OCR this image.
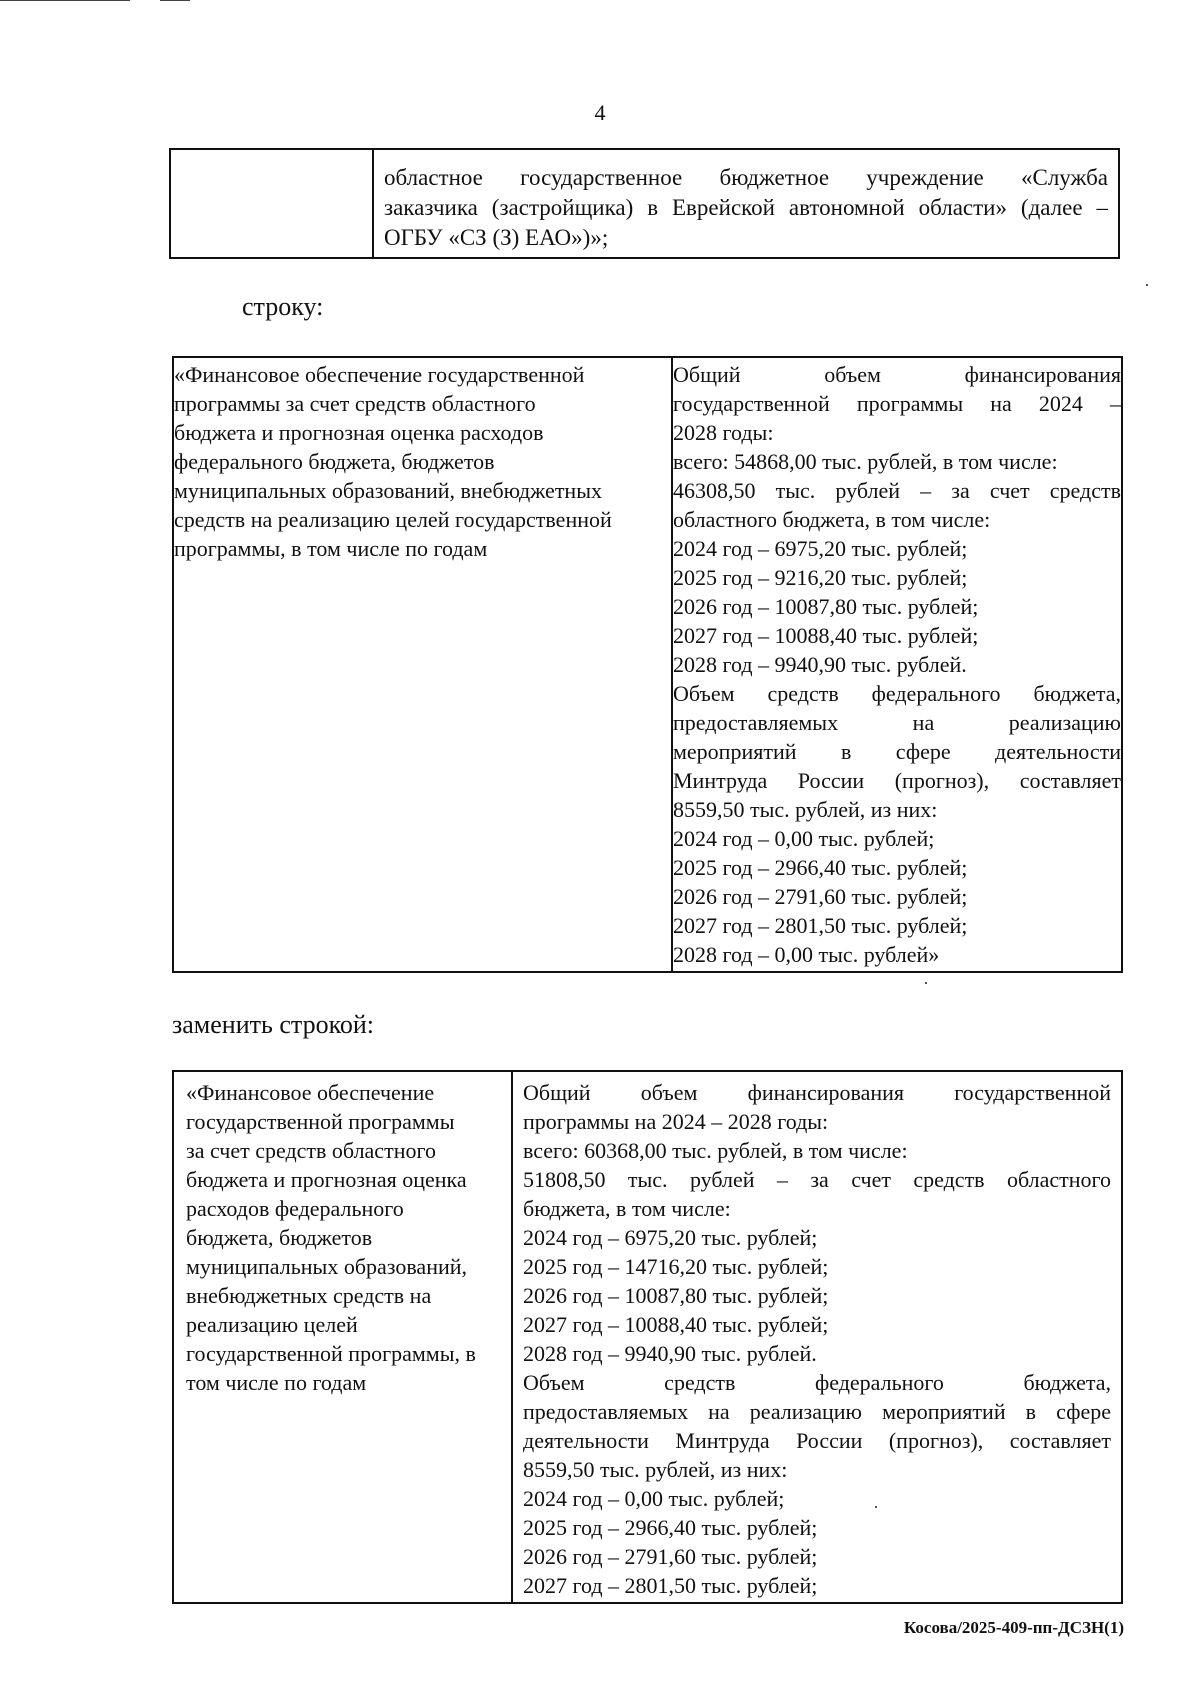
4

областное государственное бюджетное учреждение «Служба
заказчика (застройщика) в Еврейской автономной области» (далее –
ОГБУ «СЗ (З) ЕАО»)»;
строку:
«Финансовое обеспечение государственной
программы за счет средств областного
бюджета и прогнозная оценка расходов
федерального бюджета, бюджетов
муниципальных образований, внебюджетных
средств на реализацию целей государственной
программы, в том числе по годам

Общий объем финансирования
государственной программы на 2024 –
2028 годы:
всего: 54868,00 тыс. рублей, в том числе:
46308,50 тыс. рублей – за счет средств
областного бюджета, в том числе:
2024 год – 6975,20 тыс. рублей;
2025 год – 9216,20 тыс. рублей;
2026 год – 10087,80 тыс. рублей;
2027 год – 10088,40 тыс. рублей;
2028 год – 9940,90 тыс. рублей.
Объем средств федерального бюджета,
предоставляемых на реализацию
мероприятий в сфере деятельности
Минтруда России (прогноз), составляет
8559,50 тыс. рублей, из них:
2024 год – 0,00 тыс. рублей;
2025 год – 2966,40 тыс. рублей;
2026 год – 2791,60 тыс. рублей;
2027 год – 2801,50 тыс. рублей;
2028 год – 0,00 тыс. рублей»
заменить строкой:
«Финансовое обеспечение
государственной программы
за счет средств областного
бюджета и прогнозная оценка
расходов федерального
бюджета, бюджетов
муниципальных образований,
внебюджетных средств на
реализацию целей
государственной программы, в
том числе по годам

Общий объем финансирования государственной
программы на 2024 – 2028 годы:
всего: 60368,00 тыс. рублей, в том числе:
51808,50 тыс. рублей – за счет средств областного
бюджета, в том числе:
2024 год – 6975,20 тыс. рублей;
2025 год – 14716,20 тыс. рублей;
2026 год – 10087,80 тыс. рублей;
2027 год – 10088,40 тыс. рублей;
2028 год – 9940,90 тыс. рублей.
Объем средств федерального бюджета,
предоставляемых на реализацию мероприятий в сфере
деятельности Минтруда России (прогноз), составляет
8559,50 тыс. рублей, из них:
2024 год – 0,00 тыс. рублей;
2025 год – 2966,40 тыс. рублей;
2026 год – 2791,60 тыс. рублей;
2027 год – 2801,50 тыс. рублей;
Косова/2025-409-пп-ДСЗН(1)
